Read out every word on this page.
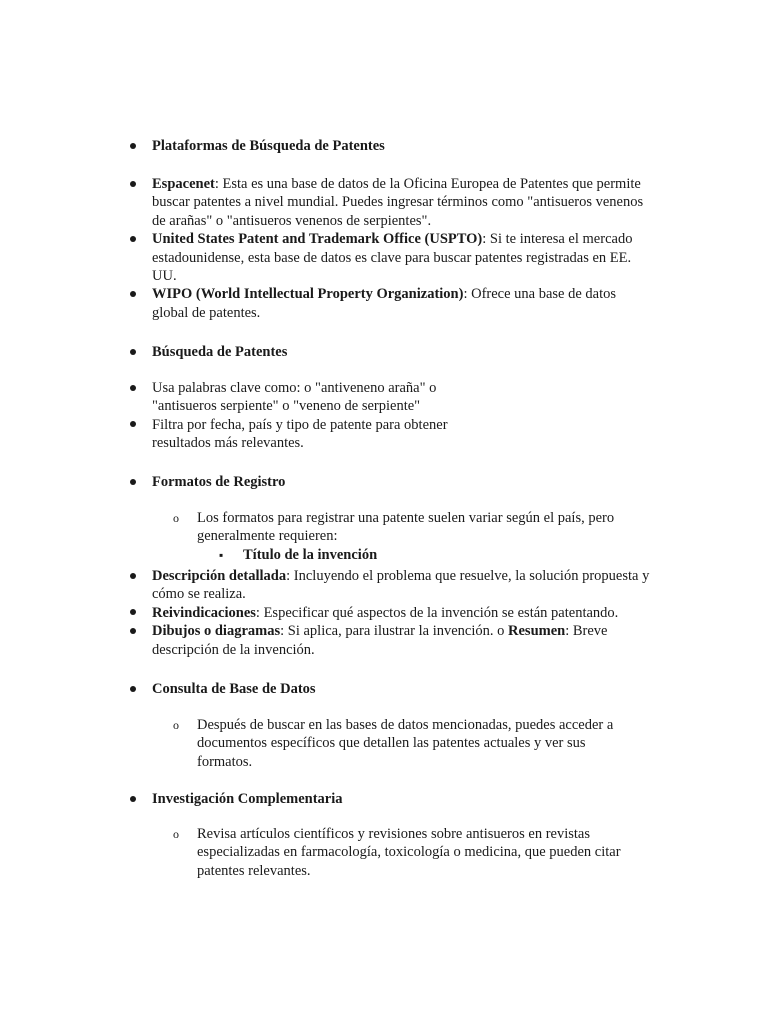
Plataformas de Búsqueda de Patentes
Espacenet: Esta es una base de datos de la Oficina Europea de Patentes que permite buscar patentes a nivel mundial. Puedes ingresar términos como "antisueros venenos de arañas" o "antisueros venenos de serpientes".
United States Patent and Trademark Office (USPTO): Si te interesa el mercado estadounidense, esta base de datos es clave para buscar patentes registradas en EE. UU.
WIPO (World Intellectual Property Organization): Ofrece una base de datos global de patentes.
Búsqueda de Patentes
Usa palabras clave como: o "antiveneno araña" o "antisueros serpiente" o "veneno de serpiente"
Filtra por fecha, país y tipo de patente para obtener resultados más relevantes.
Formatos de Registro
o Los formatos para registrar una patente suelen variar según el país, pero generalmente requieren:
▪ Título de la invención
Descripción detallada: Incluyendo el problema que resuelve, la solución propuesta y cómo se realiza.
Reivindicaciones: Especificar qué aspectos de la invención se están patentando.
Dibujos o diagramas: Si aplica, para ilustrar la invención. o Resumen: Breve descripción de la invención.
Consulta de Base de Datos
o Después de buscar en las bases de datos mencionadas, puedes acceder a documentos específicos que detallen las patentes actuales y ver sus formatos.
Investigación Complementaria
o Revisa artículos científicos y revisiones sobre antisueros en revistas especializadas en farmacología, toxicología o medicina, que pueden citar patentes relevantes.
